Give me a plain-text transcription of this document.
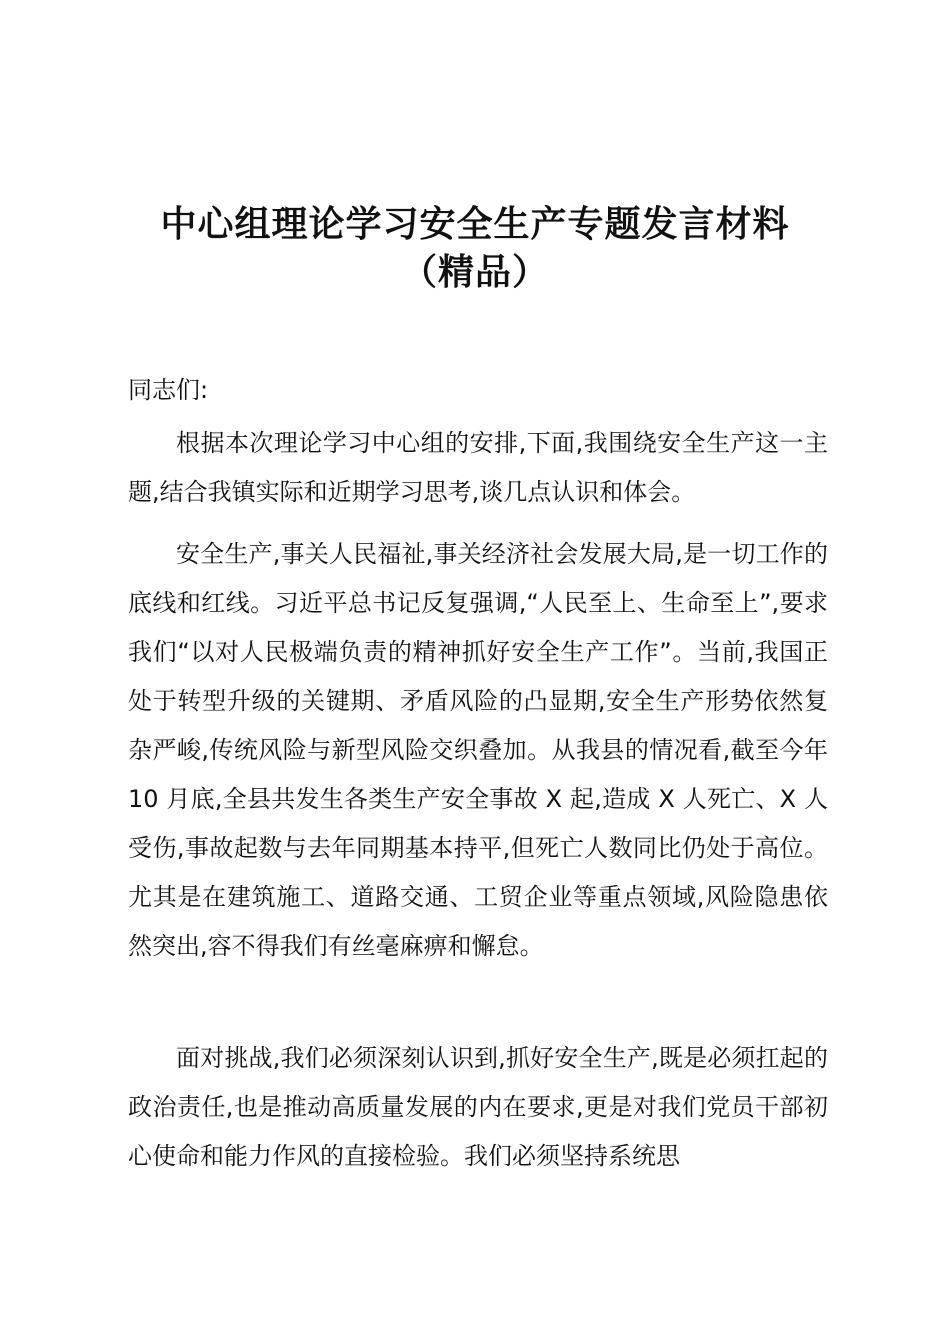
中心组理论学习安全生产专题发言材料
（精品）

同志们:

根据本次理论学习中心组的安排,下面,我围绕安全生产这一主题,结合我镇实际和近期学习思考,谈几点认识和体会。

安全生产,事关人民福祉,事关经济社会发展大局,是一切工作的底线和红线。习近平总书记反复强调,“人民至上、生命至上”,要求我们“以对人民极端负责的精神抓好安全生产工作”。当前,我国正处于转型升级的关键期、矛盾风险的凸显期,安全生产形势依然复杂严峻,传统风险与新型风险交织叠加。从我县的情况看,截至今年 10 月底,全县共发生各类生产安全事故 X 起,造成 X 人死亡、X 人受伤,事故起数与去年同期基本持平,但死亡人数同比仍处于高位。尤其是在建筑施工、道路交通、工贸企业等重点领域,风险隐患依然突出,容不得我们有丝毫麻痹和懈怠。

面对挑战,我们必须深刻认识到,抓好安全生产,既是必须扛起的政治责任,也是推动高质量发展的内在要求,更是对我们党员干部初心使命和能力作风的直接检验。我们必须坚持系统思
